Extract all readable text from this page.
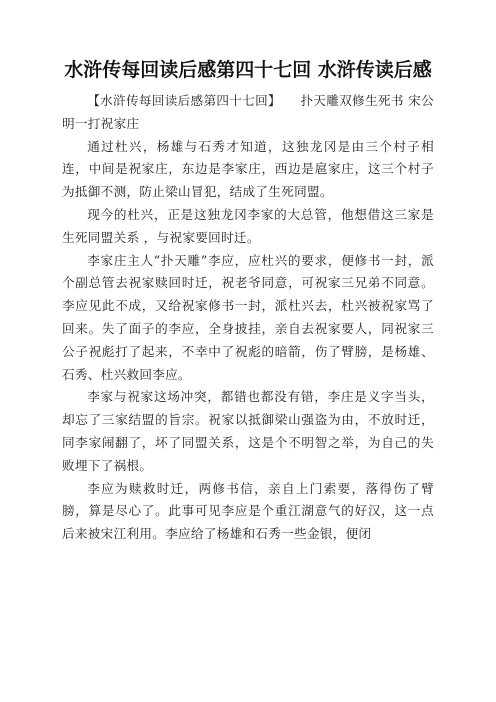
水浒传每回读后感第四十七回 水浒传读后感

【水浒传每回读后感第四十七回】　　扑天雕双修生死书 宋公明一打祝家庄

通过杜兴，杨雄与石秀才知道，这独龙冈是由三个村子相连，中间是祝家庄，东边是李家庄，西边是扈家庄，这三个村子为抵御不测，防止梁山冒犯，结成了生死同盟。

现今的杜兴，正是这独龙冈李家的大总管，他想借这三家是生死同盟关系 ，与祝家要回时迁。

李家庄主人“扑天雕”李应，应杜兴的要求，便修书一封，派个副总管去祝家赎回时迁，祝老爷同意，可祝家三兄弟不同意。李应见此不成，又给祝家修书一封，派杜兴去，杜兴被祝家骂了回来。失了面子的李应，全身披挂，亲自去祝家要人，同祝家三公子祝彪打了起来，不幸中了祝彪的暗箭，伤了臂膀，是杨雄、石秀、杜兴救回李应。

李家与祝家这场冲突，都错也都没有错，李庄是义字当头，却忘了三家结盟的旨宗。祝家以抵御梁山强盗为由，不放时迁，同李家闹翻了，坏了同盟关系，这是个不明智之举，为自己的失败埋下了祸根。

李应为赎救时迁，两修书信，亲自上门索要，落得伤了臂膀，算是尽心了。此事可见李应是个重江湖意气的好汉，这一点后来被宋江利用。李应给了杨雄和石秀一些金银，便闭
